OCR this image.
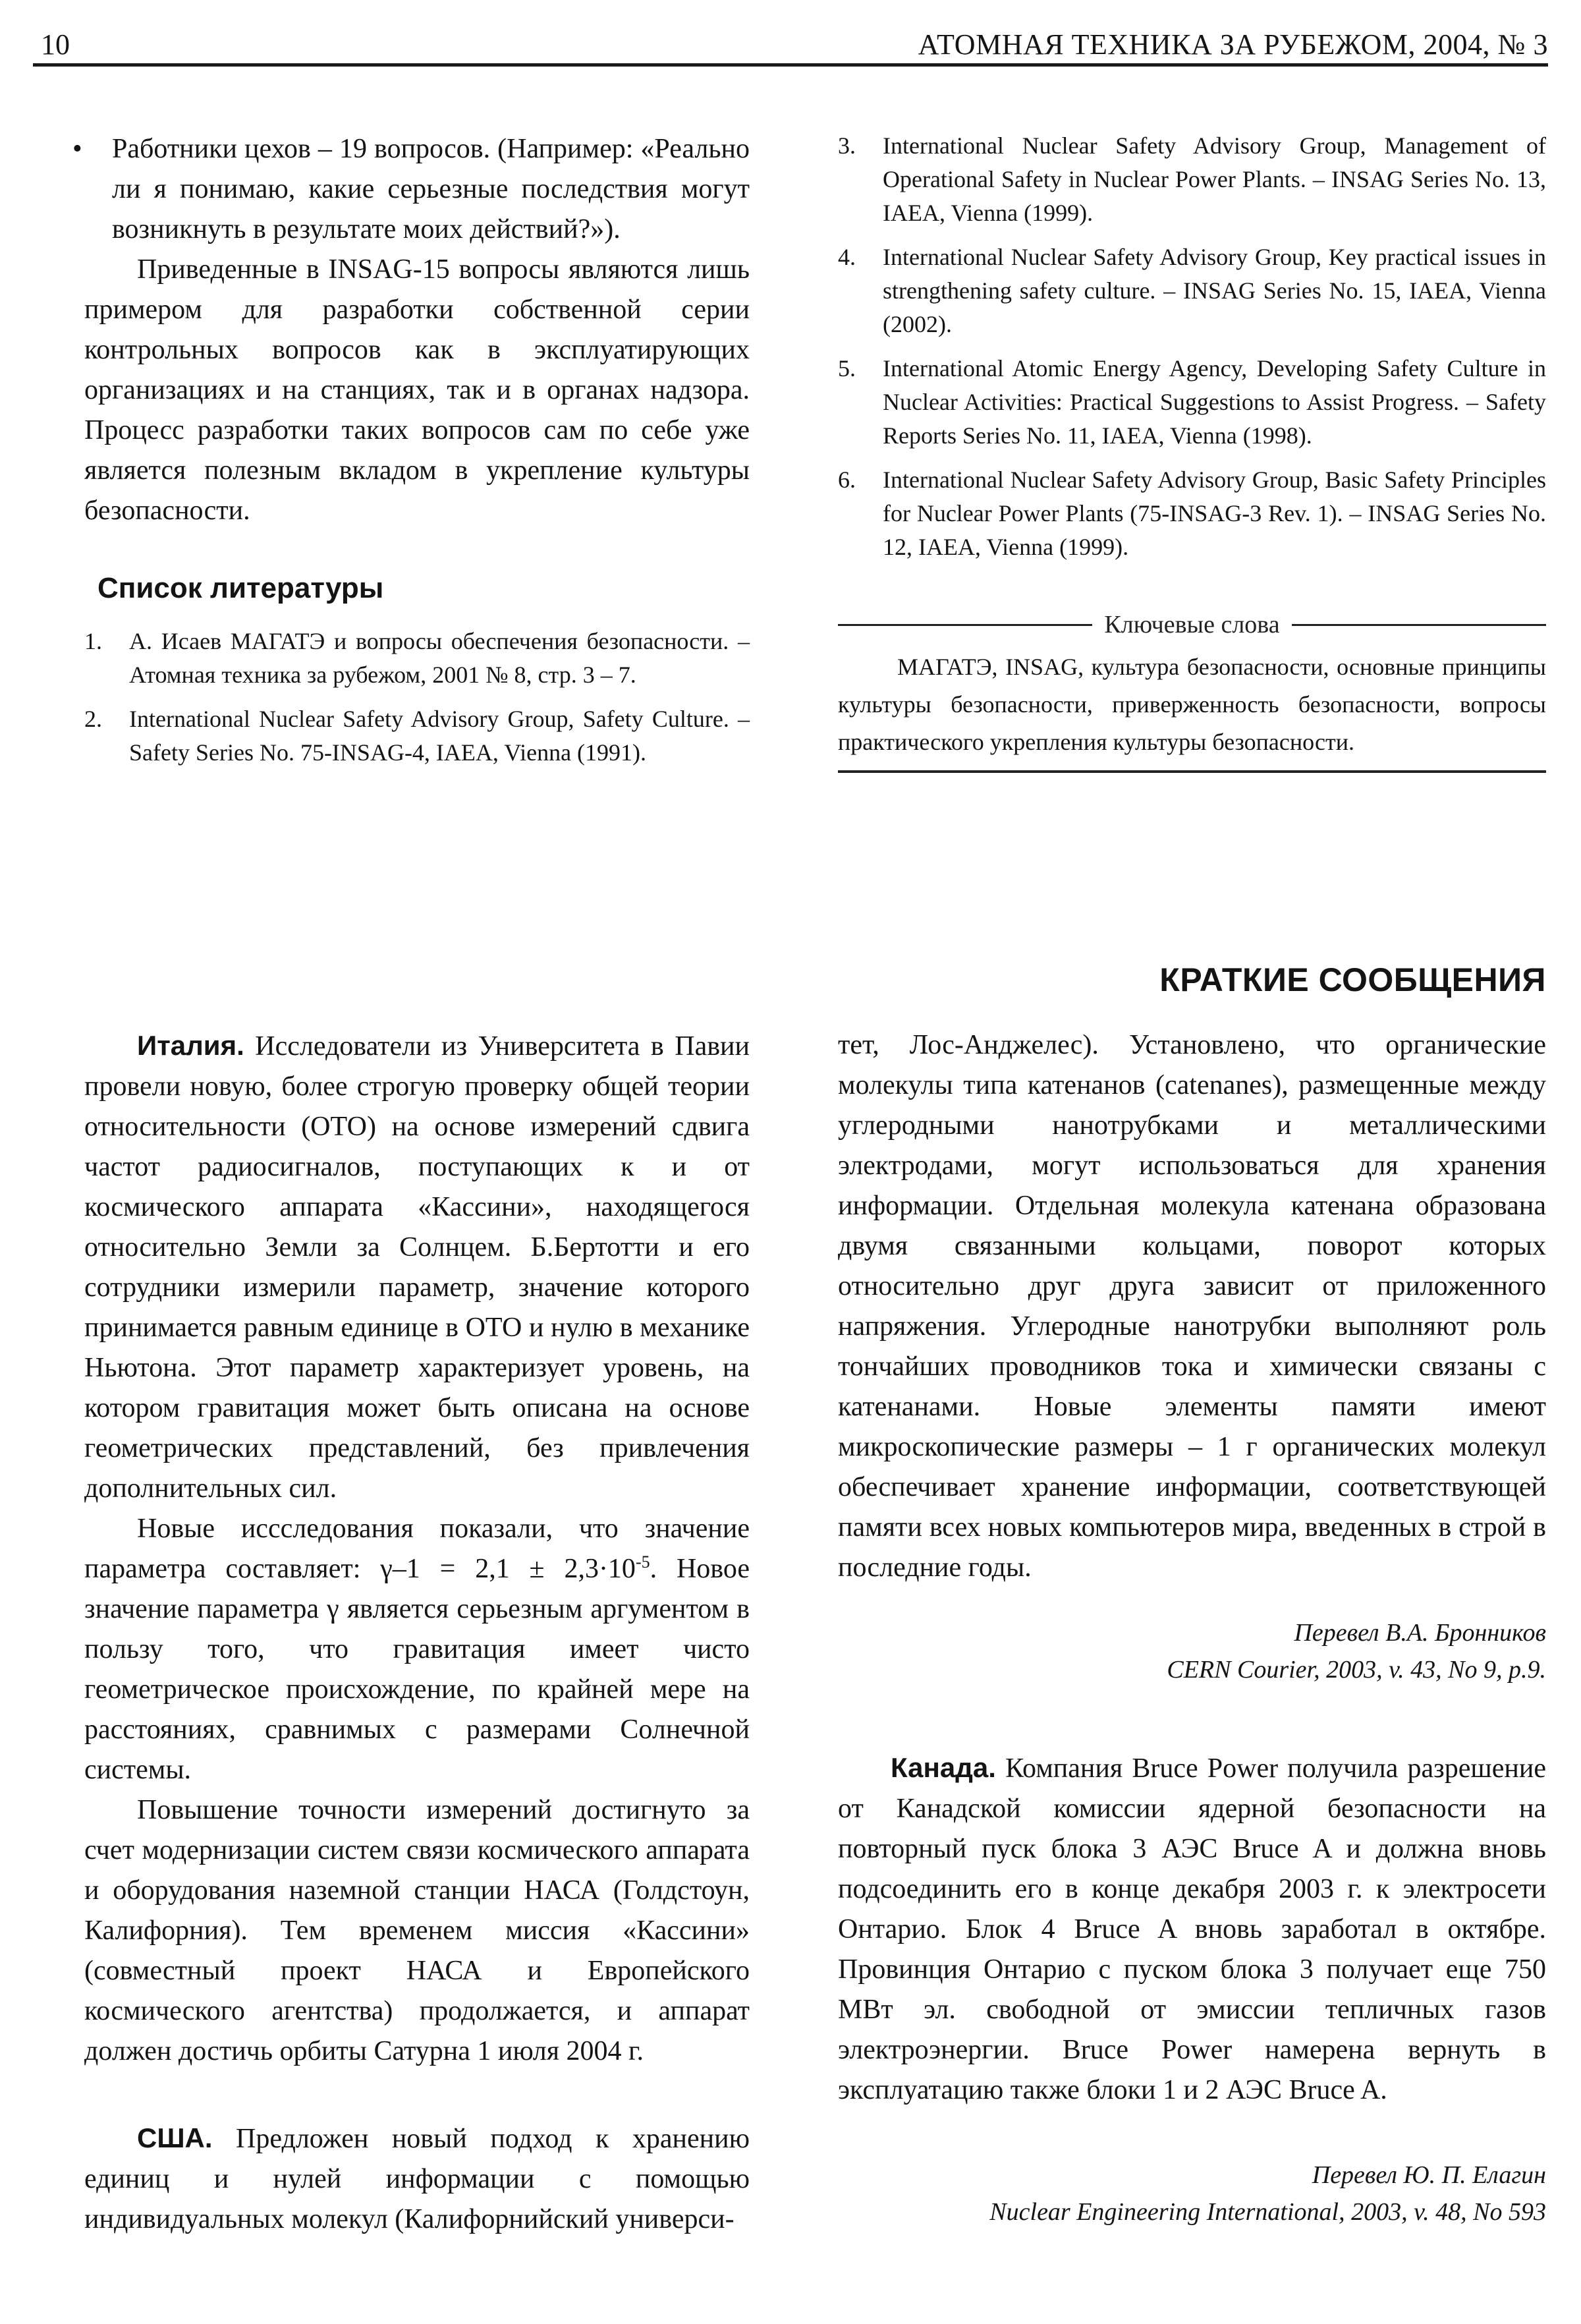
10	АТОМНАЯ ТЕХНИКА ЗА РУБЕЖОМ, 2004, № 3
•	Работники цехов – 19 вопросов. (Например: «Реально ли я понимаю, какие серьезные последствия могут возникнуть в результате моих действий?»).

Приведенные в INSAG-15 вопросы являются лишь примером для разработки собственной серии контрольных вопросов как в эксплуатирующих организациях и на станциях, так и в органах надзора. Процесс разработки таких вопросов сам по себе уже является полезным вкладом в укрепление культуры безопасности.

Список литературы
1.	А. Исаев МАГАТЭ и вопросы обеспечения безопасности. – Атомная техника за рубежом, 2001 № 8, стр. 3 – 7.
2.	International Nuclear Safety Advisory Group, Safety Culture. – Safety Series No. 75-INSAG-4, IAEA, Vienna (1991).
3.	International Nuclear Safety Advisory Group, Management of Operational Safety in Nuclear Power Plants. – INSAG Series No. 13, IAEA, Vienna (1999).
4.	International Nuclear Safety Advisory Group, Key practical issues in strengthening safety culture. – INSAG Series No. 15, IAEA, Vienna (2002).
5.	International Atomic Energy Agency, Developing Safety Culture in Nuclear Activities: Practical Suggestions to Assist Progress. – Safety Reports Series No. 11, IAEA, Vienna (1998).
6.	International Nuclear Safety Advisory Group, Basic Safety Principles for Nuclear Power Plants (75-INSAG-3 Rev. 1). – INSAG Series No. 12, IAEA, Vienna (1999).
Ключевые слова

МАГАТЭ, INSAG, культура безопасности, основные принципы культуры безопасности, приверженность безопасности, вопросы практического укрепления культуры безопасности.

КРАТКИЕ СООБЩЕНИЯ

Италия. Исследователи из Университета в Павии провели новую, более строгую проверку общей теории относительности (ОТО) на основе измерений сдвига частот радиосигналов, поступающих к и от космического аппарата «Кассини», находящегося относительно Земли за Солнцем. Б.Бертотти и его сотрудники измерили параметр, значение которого принимается равным единице в ОТО и нулю в механике Ньютона. Этот параметр характеризует уровень, на котором гравитация может быть описана на основе геометрических представлений, без привлечения дополнительных сил.

Новые иссследования показали, что значение параметра составляет: $\gamma-1 = 2,1 \pm 2,3\cdot 10^{-5}$. Новое значение параметра γ является серьезным аргументом в пользу того, что гравитация имеет чисто геометрическое происхождение, по крайней мере на расстояниях, сравнимых с размерами Солнечной системы.

Повышение точности измерений достигнуто за счет модернизации систем связи космического аппарата и оборудования наземной станции НАСА (Голдстоун, Калифорния). Тем временем миссия «Кассини» (совместный проект НАСА и Европейского космического агентства) продолжается, и аппарат должен достичь орбиты Сатурна 1 июля 2004 г.

США. Предложен новый подход к хранению единиц и нулей информации с помощью индивидуальных молекул (Калифорнийский универси-

тет, Лос-Анджелес). Установлено, что органические молекулы типа катенанов (catenanes), размещенные между углеродными нанотрубками и металлическими электродами, могут использоваться для хранения информации. Отдельная молекула катенана образована двумя связанными кольцами, поворот которых относительно друг друга зависит от приложенного напряжения. Углеродные нанотрубки выполняют роль тончайших проводников тока и химически связаны с катенанами. Новые элементы памяти имеют микроскопические размеры – 1 г органических молекул обеспечивает хранение информации, соответствующей памяти всех новых компьютеров мира, введенных в строй в последние годы.

Перевел В.А. Бронников

CERN Courier, 2003, v. 43, No 9, p.9.

Канада. Компания Bruce Power получила разрешение от Канадской комиссии ядерной безопасности на повторный пуск блока 3 АЭС Bruce A и должна вновь подсоединить его в конце декабря 2003 г. к электросети Онтарио. Блок 4 Bruce A вновь заработал в октябре. Провинция Онтарио с пуском блока 3 получает еще 750 МВт эл. свободной от эмиссии тепличных газов электроэнергии. Bruce Power намерена вернуть в эксплуатацию также блоки 1 и 2 АЭС Bruce A.

Перевел Ю. П. Елагин

Nuclear Engineering International, 2003, v. 48, No 593
